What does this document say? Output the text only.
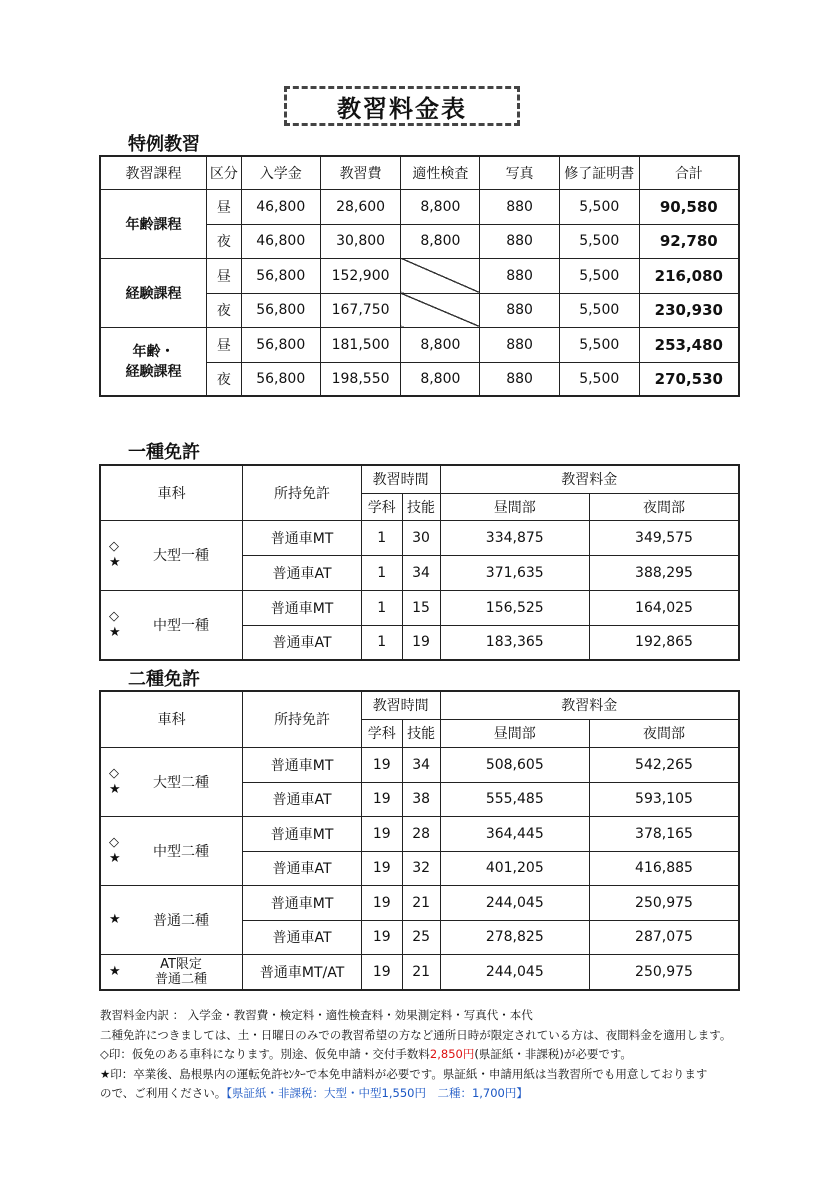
教習料金表
特例教習
教習課程	区分	入学金	教習費	適性検査	写真	修了証明書	合計
年齢課程	昼	46,800	28,600	8,800	880	5,500	90,580
	夜	46,800	30,800	8,800	880	5,500	92,780
経験課程	昼	56,800	152,900		880	5,500	216,080
	夜	56,800	167,750		880	5,500	230,930
年齢・
経験課程	昼	56,800	181,500	8,800	880	5,500	253,480
	夜	56,800	198,550	8,800	880	5,500	270,530
一種免許
車科	所持免許	教習時間		教習料金	
		学科	技能	昼間部	夜間部
◇
★ 大型一種	普通車MT	1	30	334,875	349,575
	普通車AT	1	34	371,635	388,295
◇
★ 中型一種	普通車MT	1	15	156,525	164,025
	普通車AT	1	19	183,365	192,865
二種免許
車科	所持免許	教習時間		教習料金	
		学科	技能	昼間部	夜間部
◇
★ 大型二種	普通車MT	19	34	508,605	542,265
	普通車AT	19	38	555,485	593,105
◇
★ 中型二種	普通車MT	19	28	364,445	378,165
	普通車AT	19	32	401,205	416,885
★ 普通二種	普通車MT	19	21	244,045	250,975
	普通車AT	19	25	278,825	287,075
★ AT限定
普通二種	普通車MT/AT	19	21	244,045	250,975

教習料金内訳 ： 入学金・教習費・検定料・適性検査料・効果測定料・写真代・本代

二種免許につきましては、土・日曜日のみでの教習希望の方など通所日時が限定されている方は、夜間料金を適用します。

◇印：仮免のある車科になります。別途、仮免申請・交付手数料2,850円(県証紙・非課税)が必要です。

★印：卒業後、島根県内の運転免許ｾﾝﾀｰで本免申請料が必要です。県証紙・申請用紙は当教習所でも用意しております

ので、ご利用ください。【県証紙・非課税：大型・中型1,550円　二種：1,700円】
